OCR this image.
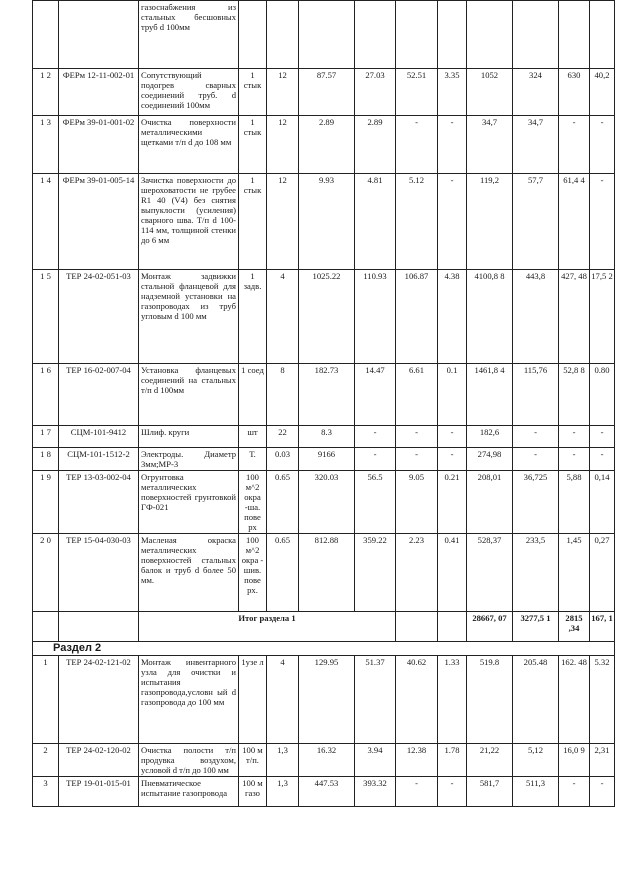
		газоснабжения из стальных бесшовных труб d 100мм										
1 2	ФЕРм 12-11-002-01	Сопутствующий подогрев сварных соединений труб. d соединений 100мм	1 стык	12	87.57	27.03	52.51	3.35	1052	324	630	40,2
1 3	ФЕРм 39-01-001-02	Очистка поверхности металлическими щетками т/п d до 108 мм	1 стык	12	2.89	2.89	-	-	34,7	34,7	-	-
1 4	ФЕРм 39-01-005-14	Зачистка поверхности до шероховатости не грубее R1 40 (V4) без снятия выпуклости (усиления) сварного шва. Т/п d 100-114 мм, толщиной стенки до 6 мм	1 стык	12	9.93	4.81	5.12	-	119,2	57,7	61,4 4	-
1 5	ТЕР 24-02-051-03	Монтаж задвижки стальной фланцевой для надземной установки на газопроводах из труб угловым d 100 мм	1 задв.	4	1025.22	110.93	106.87	4.38	4100,8 8	443,8	427, 48	17,5 2
1 6	ТЕР 16-02-007-04	Установка фланцевых соединений на стальных т/п d 100мм	1 соед	8	182.73	14.47	6.61	0.1	1461,8 4	115,76	52,8 8	0.80
1 7	СЦМ-101-9412	Шлиф. круги	шт	22	8.3	-	-	-	182,6	-	-	-
1 8	СЦМ-101-1512-2	Электроды. Диаметр 3мм;МР-3	Т.	0.03	9166	-	-	-	274,98	-	-	-
1 9	ТЕР 13-03-002-04	Огрунтовка металлических поверхностей грунтовкой ГФ-021	100 м^2 окра -ша. пове рх	0.65	320.03	56.5	9.05	0.21	208,01	36,725	5,88	0,14
2 0	ТЕР 15-04-030-03	Масленая окраска металлических поверхностей стальных балок и труб d более 50 мм.	100 м^2 окра - шив. пове рх.	0.65	812.88	359.22	2.23	0.41	528,37	233,5	1,45	0,27
		Итог раздела 1							28667, 07	3277,5 1	2815 ,34	167, 1
Раздел 2												
1	ТЕР 24-02-121-02	Монтаж инвентарного узла для очистки и испытания газопровода,условн ый d газопровода до 100 мм	1узе л	4	129.95	51.37	40.62	1.33	519.8	205.48	162. 48	5.32
2	ТЕР 24-02-120-02	Очистка полости т/п продувка воздухом, условой d т/п до 100 мм	100 м т/п.	1,3	16.32	3.94	12.38	1.78	21,22	5,12	16,0 9	2,31
3	ТЕР 19-01-015-01	Пневматическое испытание газопровода	100 м газо	1,3	447.53	393.32	-	-	581,7	511,3	-	-
